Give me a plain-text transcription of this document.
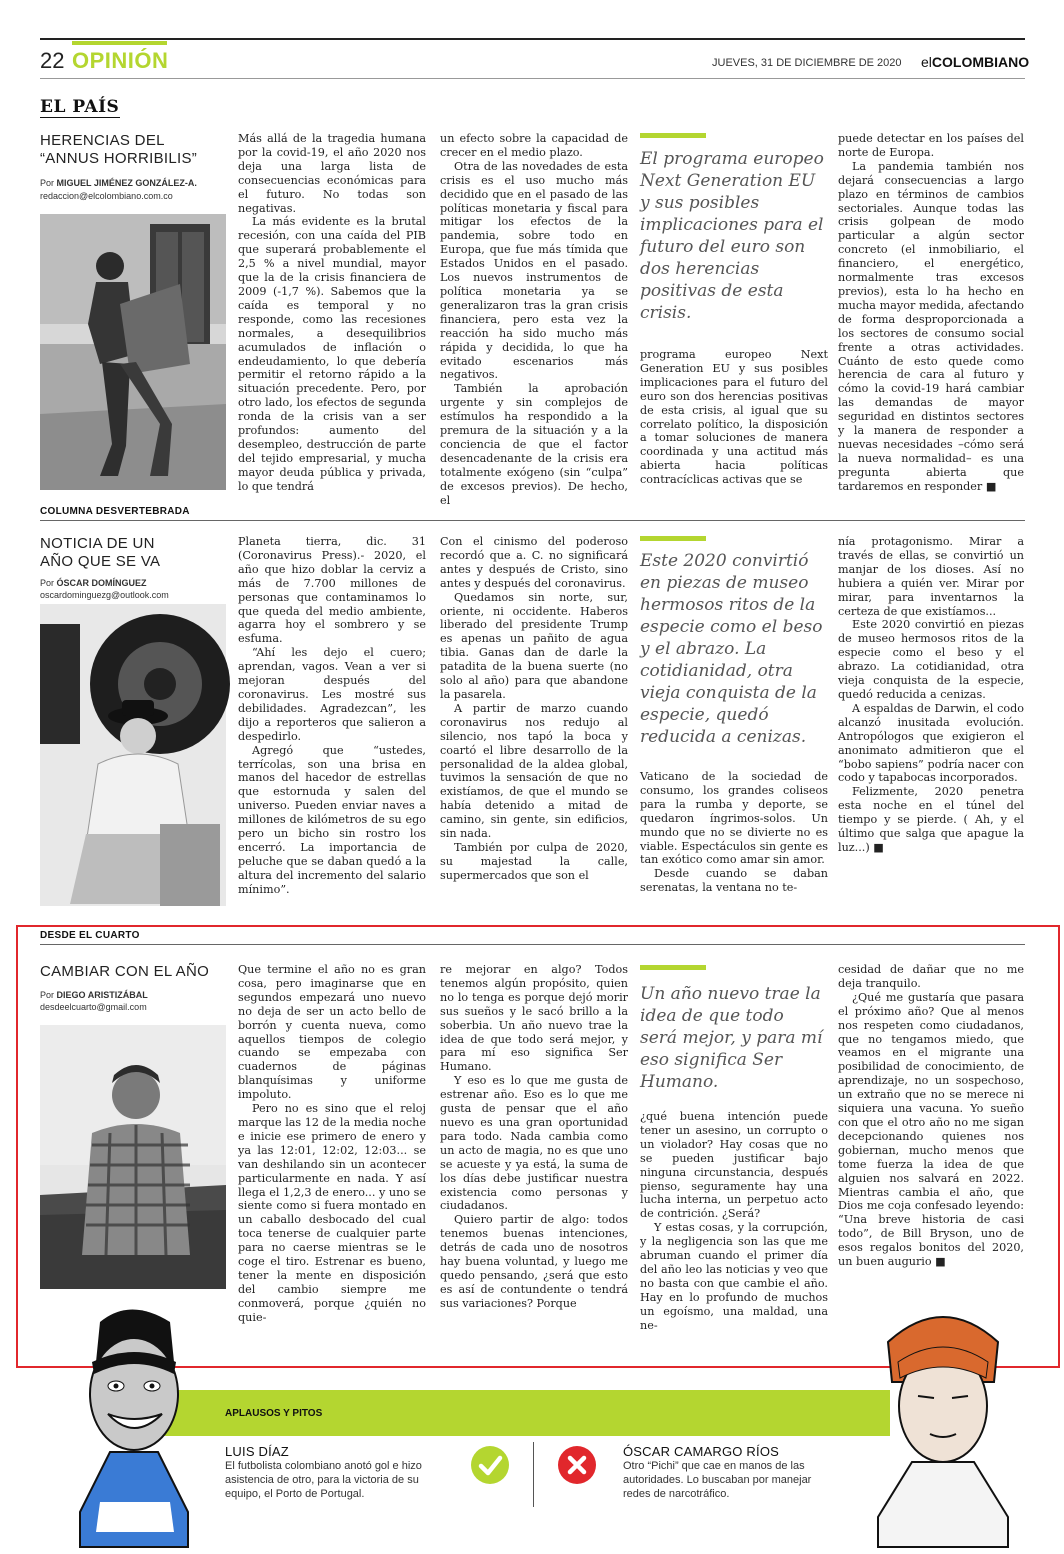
22 OPINIÓN	JUEVES, 31 DE DICIEMBRE DE 2020 elCOLOMBIANO
EL PAÍS
HERENCIAS DEL
“ANNUS HORRIBILIS”
Por MIGUEL JIMÉNEZ GONZÁLEZ-A.
redaccion@elcolombiano.com.co

Más allá de la tragedia humana por la covid-19, el año 2020 nos deja una larga lista de consecuencias económicas para el futuro. No todas son negativas.

La más evidente es la brutal recesión, con una caída del PIB que superará probablemente el 2,5 % a nivel mundial, mayor que la de la crisis financiera de 2009 (-1,7 %). Sabemos que la caída es temporal y no responde, como las recesiones normales, a desequilibrios acumulados de inflación o endeudamiento, lo que debería permitir el retorno rápido a la situación precedente. Pero, por otro lado, los efectos de segunda ronda de la crisis van a ser profundos: aumento del desempleo, destrucción de parte del tejido empresarial, y mucha mayor deuda pública y privada, lo que tendrá

un efecto sobre la capacidad de crecer en el medio plazo.

Otra de las novedades de esta crisis es el uso mucho más decidido que en el pasado de las políticas monetaria y fiscal para mitigar los efectos de la pandemia, sobre todo en Europa, que fue más tímida que Estados Unidos en el pasado. Los nuevos instrumentos de política monetaria ya se generalizaron tras la gran crisis financiera, pero esta vez la reacción ha sido mucho más rápida y decidida, lo que ha evitado escenarios más negativos.

También la aprobación urgente y sin complejos de estímulos ha respondido a la premura de la situación y a la conciencia de que el factor desencadenante de la crisis era totalmente exógeno (sin “culpa” de excesos previos). De hecho, el

El programa europeo Next Generation EU y sus posibles implicaciones para el futuro del euro son dos herencias positivas de esta crisis.

programa europeo Next Generation EU y sus posibles implicaciones para el futuro del euro son dos herencias positivas de esta crisis, al igual que su correlato político, la disposición a tomar soluciones de manera coordinada y una actitud más abierta hacia políticas contracíclicas activas que se

puede detectar en los países del norte de Europa.

La pandemia también nos dejará consecuencias a largo plazo en términos de cambios sectoriales. Aunque todas las crisis golpean de modo particular a algún sector concreto (el inmobiliario, el financiero, el energético, normalmente tras excesos previos), esta lo ha hecho en mucha mayor medida, afectando de forma desproporcionada a los sectores de consumo social frente a otras actividades. Cuánto de esto quede como herencia de cara al futuro y cómo la covid-19 hará cambiar las demandas de mayor seguridad en distintos sectores y la manera de responder a nuevas necesidades –cómo será la nueva normalidad– es una pregunta abierta que tardaremos en responder ■

COLUMNA DESVERTEBRADA
NOTICIA DE UN
AÑO QUE SE VA
Por ÓSCAR DOMÍNGUEZ
oscardominguezg@outlook.com

Planeta tierra, dic. 31 (Coronavirus Press).- 2020, el año que hizo doblar la cerviz a más de 7.700 millones de personas que contaminamos lo que queda del medio ambiente, agarra hoy el sombrero y se esfuma.

“Ahí les dejo el cuero; aprendan, vagos. Vean a ver si mejoran después del coronavirus. Les mostré sus debilidades. Agradezcan”, les dijo a reporteros que salieron a despedirlo.

Agregó que “ustedes, terrícolas, son una brisa en manos del hacedor de estrellas que estornuda y salen del universo. Pueden enviar naves a millones de kilómetros de su ego pero un bicho sin rostro los encerró. La importancia de peluche que se daban quedó a la altura del incremento del salario mínimo”.

Con el cinismo del poderoso recordó que a. C. no significará antes y después de Cristo, sino antes y después del coronavirus.

Quedamos sin norte, sur, oriente, ni occidente. Haberos liberado del presidente Trump es apenas un pañito de agua tibia. Ganas dan de darle la patadita de la buena suerte (no solo al año) para que abandone la pasarela.

A partir de marzo cuando coronavirus nos redujo al silencio, nos tapó la boca y coartó el libre desarrollo de la personalidad de la aldea global, tuvimos la sensación de que no existíamos, de que el mundo se había detenido a mitad de camino, sin gente, sin edificios, sin nada.

También por culpa de 2020, su majestad la calle, supermercados que son el

Este 2020 convirtió en piezas de museo hermosos ritos de la especie como el beso y el abrazo. La cotidianidad, otra vieja conquista de la especie, quedó reducida a cenizas.

Vaticano de la sociedad de consumo, los grandes coliseos para la rumba y deporte, se quedaron íngrimos-solos. Un mundo que no se divierte no es viable. Espectáculos sin gente es tan exótico como amar sin amor.

Desde cuando se daban serenatas, la ventana no te-

nía protagonismo. Mirar a través de ellas, se convirtió un manjar de los dioses. Así no hubiera a quién ver. Mirar por mirar, para inventarnos la certeza de que existíamos...

Este 2020 convirtió en piezas de museo hermosos ritos de la especie como el beso y el abrazo. La cotidianidad, otra vieja conquista de la especie, quedó reducida a cenizas.

A espaldas de Darwin, el codo alcanzó inusitada evolución. Antropólogos que exigieron el anonimato admitieron que el “bobo sapiens” podría nacer con codo y tapabocas incorporados.

Felizmente, 2020 penetra esta noche en el túnel del tiempo y se pierde. ( Ah, y el último que salga que apague la luz...) ■

DESDE EL CUARTO
CAMBIAR CON EL AÑO
Por DIEGO ARISTIZÁBAL
desdeelcuarto@gmail.com

Que termine el año no es gran cosa, pero imaginarse que en segundos empezará uno nuevo no deja de ser un acto bello de borrón y cuenta nueva, como aquellos tiempos de colegio cuando se empezaba con cuadernos de páginas blanquísimas y uniforme impoluto.

Pero no es sino que el reloj marque las 12 de la media noche e inicie ese primero de enero y ya las 12:01, 12:02, 12:03... se van deshilando sin un acontecer particularmente en nada. Y así llega el 1,2,3 de enero... y uno se siente como si fuera montado en un caballo desbocado del cual toca tenerse de cualquier parte para no caerse mientras se le coge el tiro. Estrenar es bueno, tener la mente en disposición del cambio siempre me conmoverá, porque ¿quién no quie-

re mejorar en algo? Todos tenemos algún propósito, quien no lo tenga es porque dejó morir sus sueños y le sacó brillo a la soberbia. Un año nuevo trae la idea de que todo será mejor, y para mí eso significa Ser Humano.

Y eso es lo que me gusta de estrenar año. Eso es lo que me gusta de pensar que el año nuevo es una gran oportunidad para todo. Nada cambia como un acto de magia, no es que uno se acueste y ya está, la suma de los días debe justificar nuestra existencia como personas y ciudadanos.

Quiero partir de algo: todos tenemos buenas intenciones, detrás de cada uno de nosotros hay buena voluntad, y luego me quedo pensando, ¿será que esto es así de contundente o tendrá sus variaciones? Porque

Un año nuevo trae la idea de que todo será mejor, y para mí eso significa Ser Humano.

¿qué buena intención puede tener un asesino, un corrupto o un violador? Hay cosas que no se pueden justificar bajo ninguna circunstancia, después pienso, seguramente hay una lucha interna, un perpetuo acto de contrición. ¿Será?

Y estas cosas, y la corrupción, y la negligencia son las que me abruman cuando el primer día del año leo las noticias y veo que no basta con que cambie el año. Hay en lo profundo de muchos un egoísmo, una maldad, una ne-

cesidad de dañar que no me deja tranquilo.

¿Qué me gustaría que pasara el próximo año? Que al menos nos respeten como ciudadanos, que no tengamos miedo, que veamos en el migrante una posibilidad de conocimiento, de aprendizaje, no un sospechoso, un extraño que no se merece ni siquiera una vacuna. Yo sueño con que el otro año no me sigan decepcionando quienes nos gobiernan, mucho menos que tome fuerza la idea de que alguien nos salvará en 2022. Mientras cambia el año, que Dios me coja confesado leyendo: “Una breve historia de casi todo”, de Bill Bryson, uno de esos regalos bonitos del 2020, un buen augurio ■

APLAUSOS Y PITOS
LUIS DÍAZ
El futbolista colombiano anotó gol e hizo asistencia de otro, para la victoria de su equipo, el Porto de Portugal.
ÓSCAR CAMARGO RÍOS
Otro “Pichi” que cae en manos de las autoridades. Lo buscaban por manejar redes de narcotráfico.
